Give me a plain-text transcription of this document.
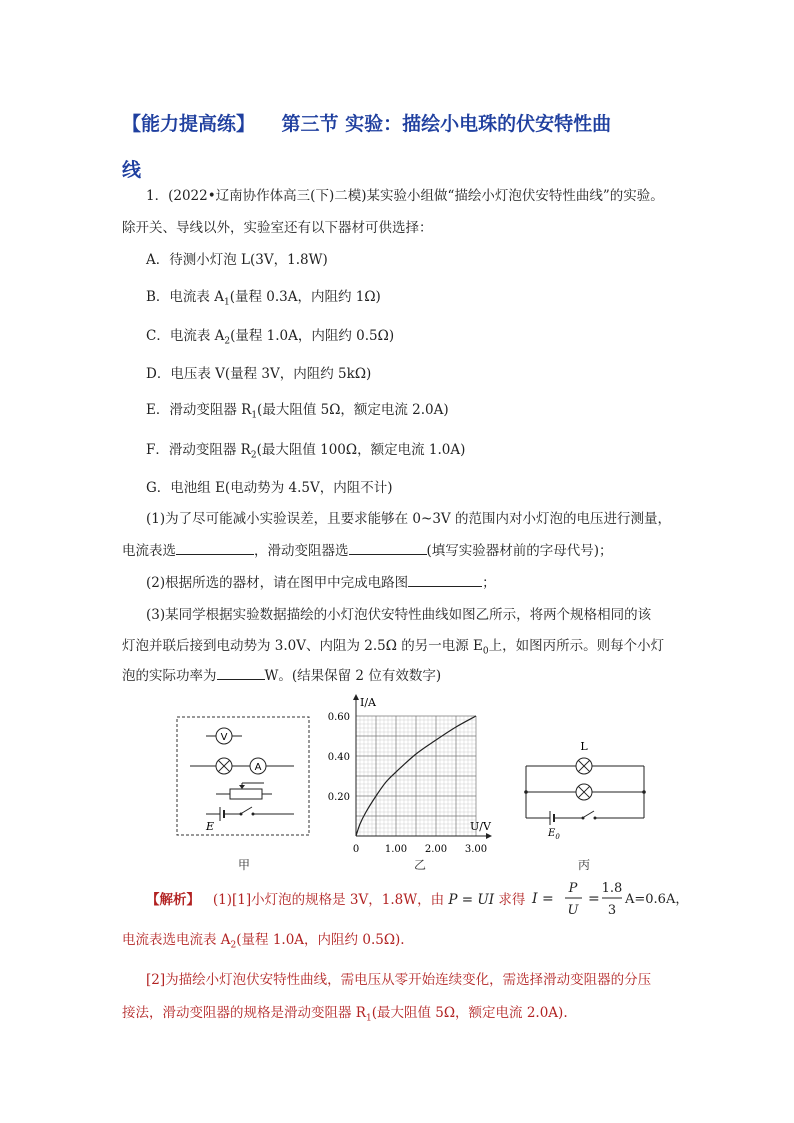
【能力提高练】 第三节 实验：描绘小电珠的伏安特性曲
线
1．(2022•辽南协作体高三(下)二模)某实验小组做“描绘小灯泡伏安特性曲线”的实验。
除开关、导线以外，实验室还有以下器材可供选择：
A．待测小灯泡 L(3V，1.8W)
B．电流表 $A_1$(量程 0.3A，内阻约 1Ω)
C．电流表 $A_2$(量程 1.0A，内阻约 0.5Ω)
D．电压表 V(量程 3V，内阻约 5kΩ)
E．滑动变阻器 $R_1$(最大阻值 5Ω，额定电流 2.0A)
F．滑动变阻器 $R_2$(最大阻值 100Ω，额定电流 1.0A)
G．电池组 E(电动势为 4.5V，内阻不计)
(1)为了尽可能减小实验误差，且要求能够在 0~3V 的范围内对小灯泡的电压进行测量，
电流表选	，滑动变阻器选	(填写实验器材前的字母代号)；
(2)根据所选的器材，请在图甲中完成电路图	；
(3)某同学根据实验数据描绘的小灯泡伏安特性曲线如图乙所示，将两个规格相同的该
灯泡并联后接到电动势为 3.0V、内阻为 2.5Ω 的另一电源 $E_0$上，如图丙所示。则每个小灯
泡的实际功率为	W。(结果保留 2 位有效数字)
V
A
E
甲
0.20
0.40
0.60
0	1.00 2.00 3.00
I/A
U/V
乙
L
$E_0$
丙
【解析】 (1)[1]小灯泡的规格是 3V，1.8W，由 P = UI 求得 I =
P
U
=
1.8
3
A=0.6A，
电流表选电流表 $A_2$(量程 1.0A，内阻约 0.5Ω).
[2]为描绘小灯泡伏安特性曲线，需电压从零开始连续变化，需选择滑动变阻器的分压
接法，滑动变阻器的规格是滑动变阻器 $R_1$(最大阻值 5Ω，额定电流 2.0A).
